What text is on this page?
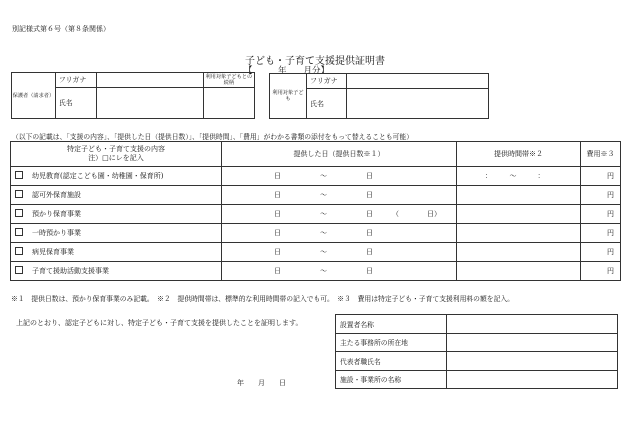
別記様式第６号（第８条関係）
子ども・子育て支援提供証明書
【　　　年　　月分】
保護者（請求者）	フリガナ		利用対象子どもとの続柄
	氏名		
利用対象子ども	フリガナ	
	氏名	
（以下の記載は、「支援の内容」、「提供した日（提供日数）」、「提供時間」、「費用」がわかる書類の添付をもって替えることも可能）
特定子ども・子育て支援の内容
注）□にレを記入	提供した日（提供日数※１）	提供時間帯※２	費用※３
幼児教育(認定こども園・幼稚園・保育所)	日 ～ 日	：　　　～　　　：	円
認可外保育施設	日 ～ 日		円
預かり保育事業	日 ～ 日 （　　　　日）		円
一時預かり事業	日 ～ 日		円
病児保育事業	日 ～ 日		円
子育て援助活動支援事業	日 ～ 日		円
※１　提供日数は、預かり保育事業のみ記載。　※２　提供時間帯は、標準的な利用時間帯の記入でも可。　※３　費用は特定子ども・子育て支援利用料の額を記入。
上記のとおり、認定子どもに対し、特定子ども・子育て支援を提供したことを証明します。
年　　月　　日
設置者名称	
主たる事務所の所在地	
代表者職氏名	
施設・事業所の名称	
